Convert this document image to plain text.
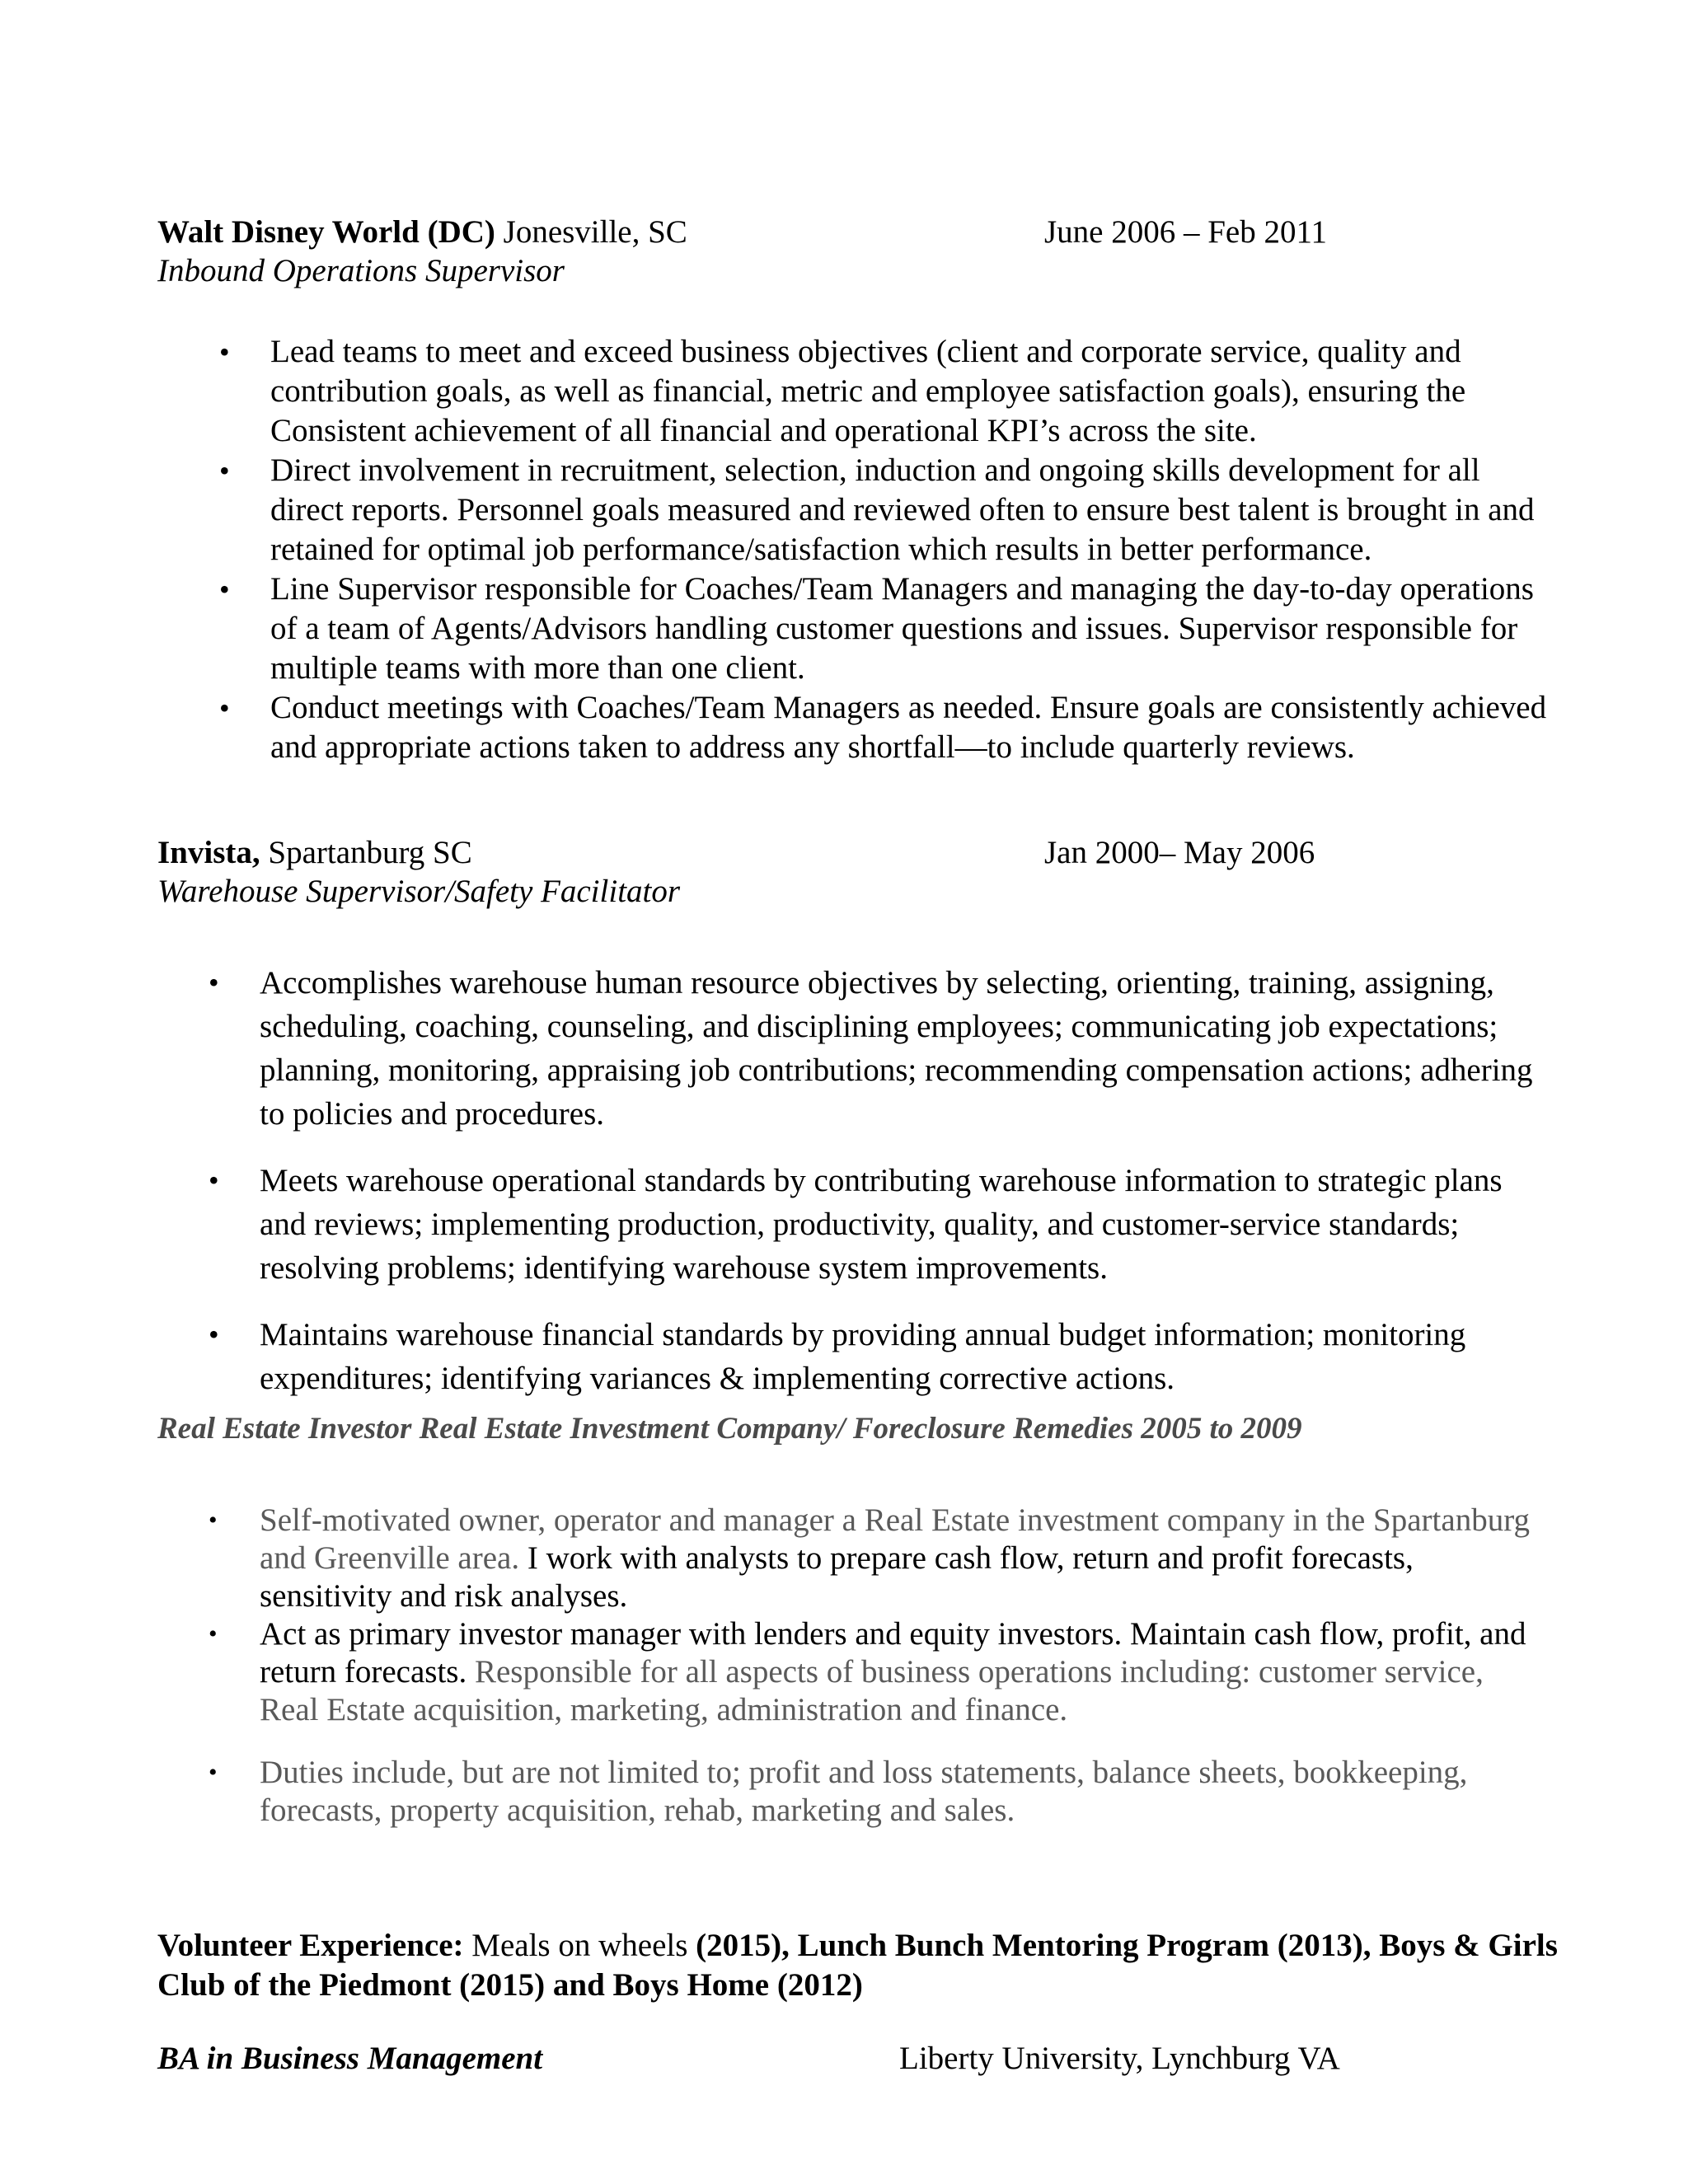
Walt Disney World (DC) Jonesville, SC	June 2006 – Feb 2011
Inbound Operations Supervisor
• Lead teams to meet and exceed business objectives (client and corporate service, quality and contribution goals, as well as financial, metric and employee satisfaction goals), ensuring the Consistent achievement of all financial and operational KPI’s across the site.
• Direct involvement in recruitment, selection, induction and ongoing skills development for all direct reports. Personnel goals measured and reviewed often to ensure best talent is brought in and retained for optimal job performance/satisfaction which results in better performance.
• Line Supervisor responsible for Coaches/Team Managers and managing the day-to-day operations of a team of Agents/Advisors handling customer questions and issues. Supervisor responsible for multiple teams with more than one client.
• Conduct meetings with Coaches/Team Managers as needed. Ensure goals are consistently achieved and appropriate actions taken to address any shortfall—to include quarterly reviews.
Invista, Spartanburg SC	Jan 2000– May 2006
Warehouse Supervisor/Safety Facilitator
• Accomplishes warehouse human resource objectives by selecting, orienting, training, assigning, scheduling, coaching, counseling, and disciplining employees; communicating job expectations; planning, monitoring, appraising job contributions; recommending compensation actions; adhering to policies and procedures.
• Meets warehouse operational standards by contributing warehouse information to strategic plans and reviews; implementing production, productivity, quality, and customer-service standards; resolving problems; identifying warehouse system improvements.
• Maintains warehouse financial standards by providing annual budget information; monitoring expenditures; identifying variances & implementing corrective actions.
Real Estate Investor Real Estate Investment Company/ Foreclosure Remedies 2005 to 2009
• Self-motivated owner, operator and manager a Real Estate investment company in the Spartanburg and Greenville area. I work with analysts to prepare cash flow, return and profit forecasts, sensitivity and risk analyses.
• Act as primary investor manager with lenders and equity investors. Maintain cash flow, profit, and return forecasts. Responsible for all aspects of business operations including: customer service, Real Estate acquisition, marketing, administration and finance.
• Duties include, but are not limited to; profit and loss statements, balance sheets, bookkeeping, forecasts, property acquisition, rehab, marketing and sales.
Volunteer Experience: Meals on wheels (2015), Lunch Bunch Mentoring Program (2013), Boys & Girls Club of the Piedmont (2015) and Boys Home (2012)
BA in Business Management	Liberty University, Lynchburg VA
